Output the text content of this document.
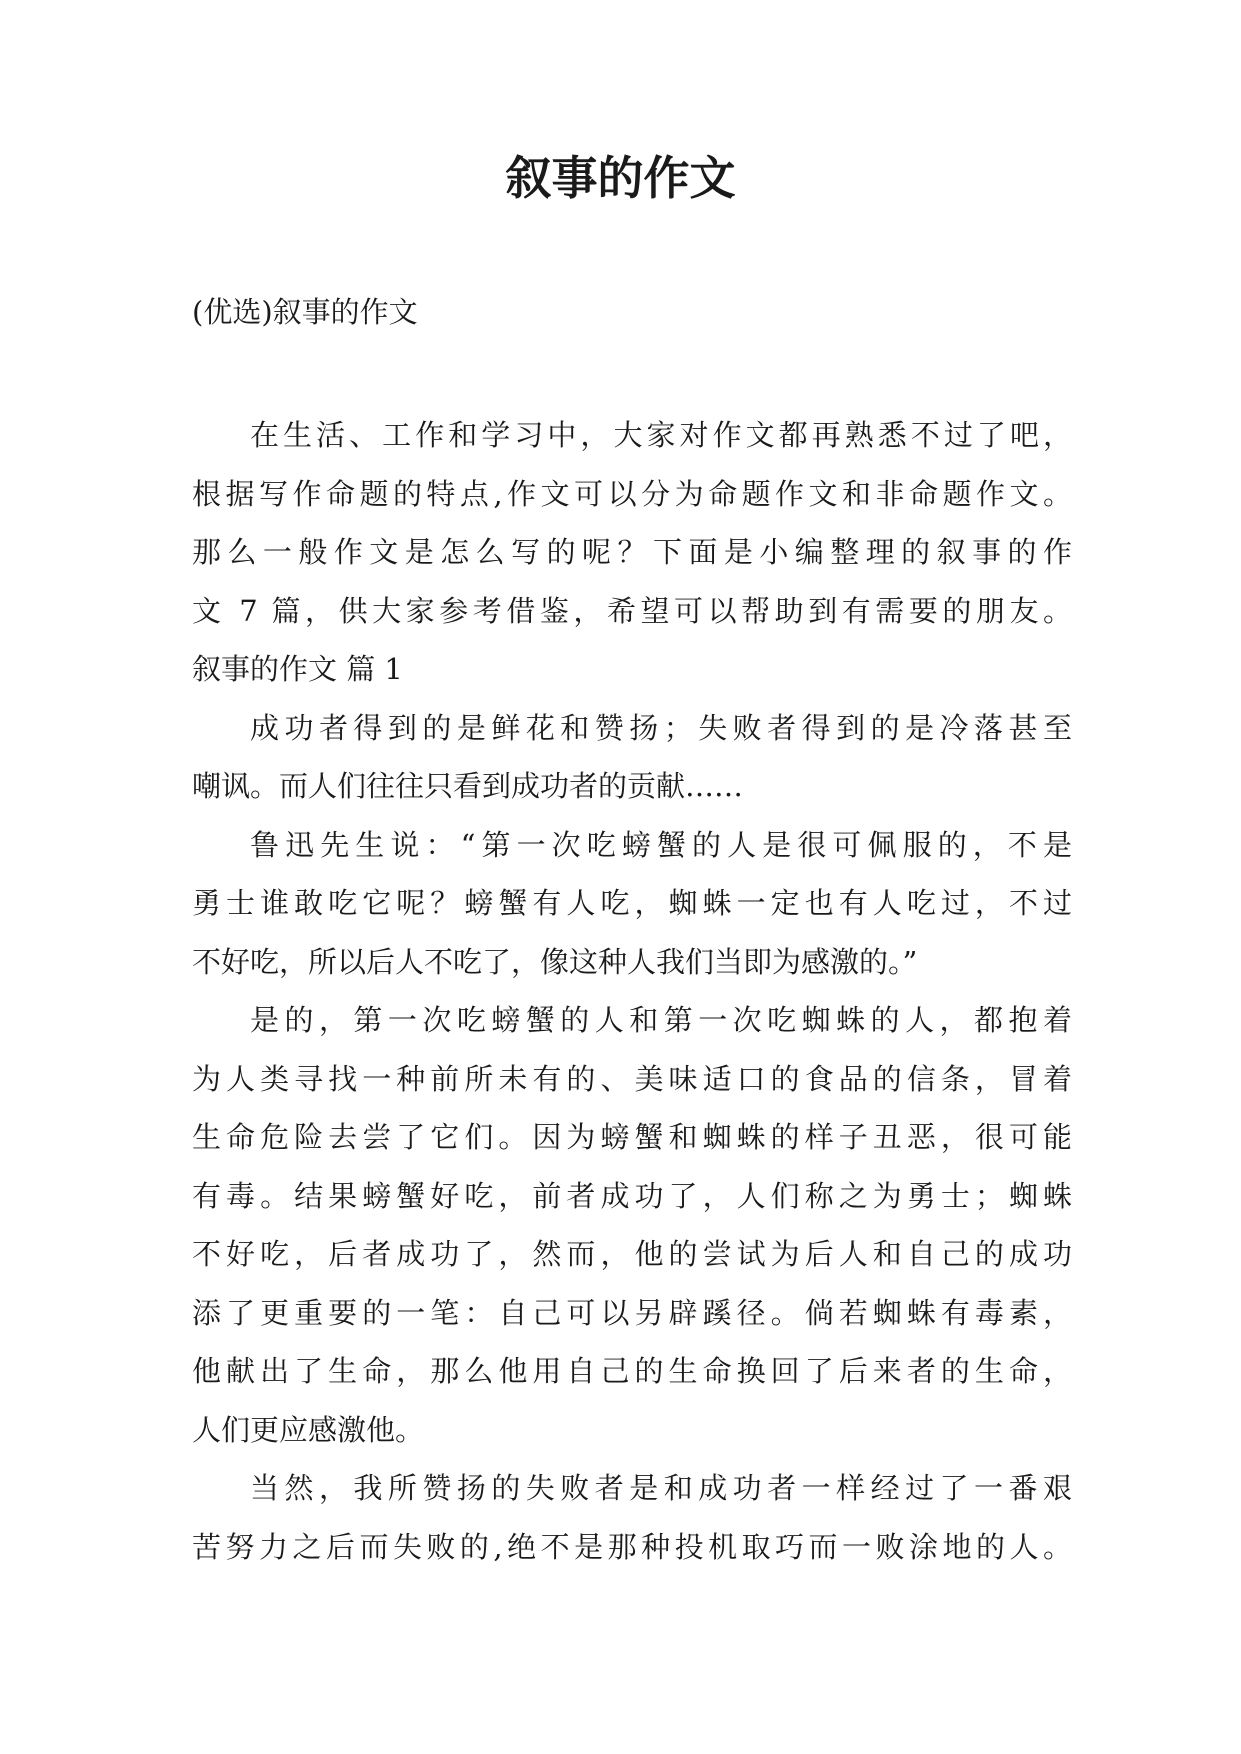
叙事的作文

(优选)叙事的作文

在生活、工作和学习中，大家对作文都再熟悉不过了吧，
根据写作命题的特点,作文可以分为命题作文和非命题作文。
那么一般作文是怎么写的呢？下面是小编整理的叙事的作
文 7 篇，供大家参考借鉴，希望可以帮助到有需要的朋友。
叙事的作文 篇 1
成功者得到的是鲜花和赞扬；失败者得到的是冷落甚至
嘲讽。而人们往往只看到成功者的贡献……
鲁迅先生说：“第一次吃螃蟹的人是很可佩服的，不是
勇士谁敢吃它呢？螃蟹有人吃，蜘蛛一定也有人吃过，不过
不好吃，所以后人不吃了，像这种人我们当即为感激的。”
是的，第一次吃螃蟹的人和第一次吃蜘蛛的人，都抱着
为人类寻找一种前所未有的、美味适口的食品的信条，冒着
生命危险去尝了它们。因为螃蟹和蜘蛛的样子丑恶，很可能
有毒。结果螃蟹好吃，前者成功了，人们称之为勇士；蜘蛛
不好吃，后者成功了，然而，他的尝试为后人和自己的成功
添了更重要的一笔：自己可以另辟蹊径。倘若蜘蛛有毒素，
他献出了生命，那么他用自己的生命换回了后来者的生命，
人们更应感激他。
当然，我所赞扬的失败者是和成功者一样经过了一番艰
苦努力之后而失败的,绝不是那种投机取巧而一败涂地的人。
